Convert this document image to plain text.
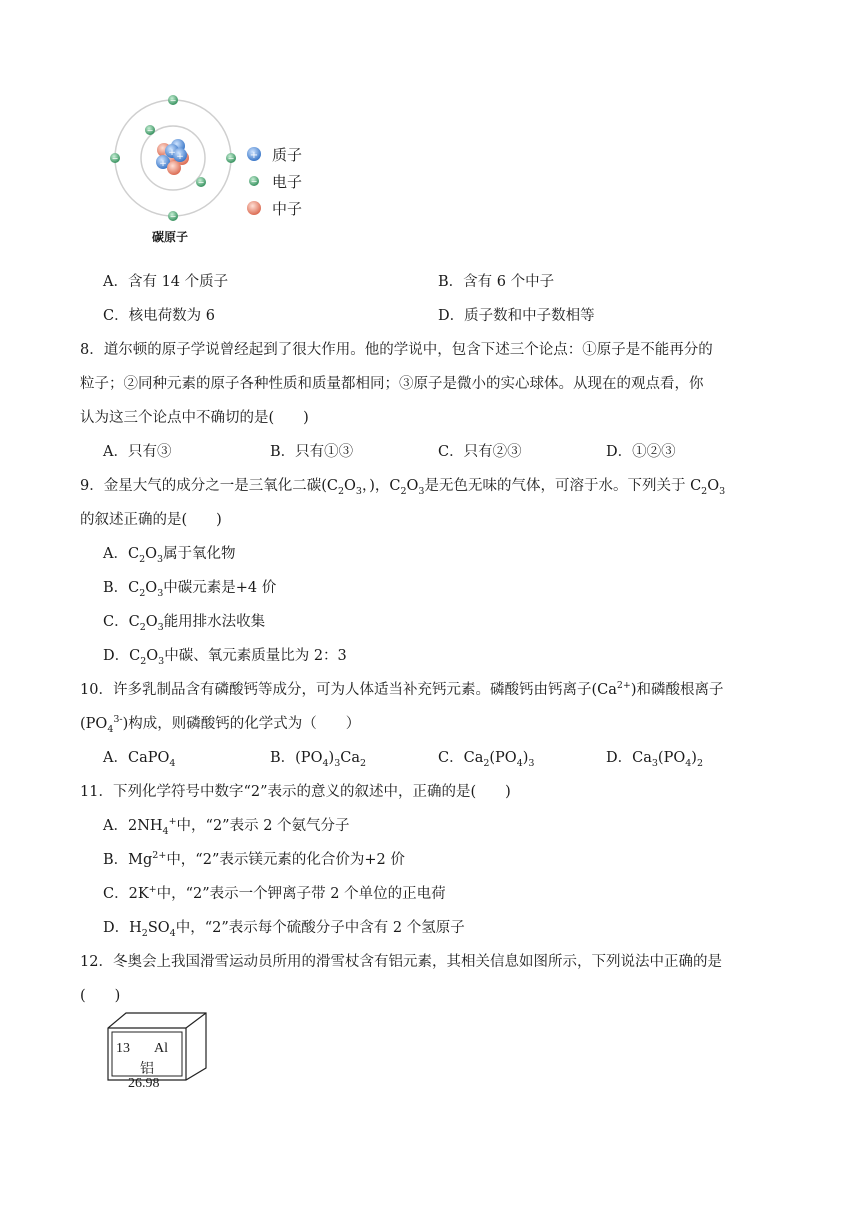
+
+
+
−
−
−	−
−
−
+
−
质子
电子
中子
碳原子
A．含有 14 个质子	B．含有 6 个中子
C．核电荷数为 6	D．质子数和中子数相等
8．道尔顿的原子学说曾经起到了很大作用。他的学说中，包含下述三个论点：①原子是不能再分的
粒子；②同种元素的原子各种性质和质量都相同；③原子是微小的实心球体。从现在的观点看，你
认为这三个论点中不确切的是(　　)
A．只有③	B．只有①③	C．只有②③	D．①②③
9．金星大气的成分之一是三氧化二碳($C_2O_3$，)，$C_2O_3$是无色无味的气体，可溶于水。下列关于 $C_2O_3$
的叙述正确的是(　　)
A．$C_2O_3$属于氧化物
B．$C_2O_3$中碳元素是+4 价
C．$C_2O_3$能用排水法收集
D．$C_2O_3$中碳、氧元素质量比为 2：3
10．许多乳制品含有磷酸钙等成分，可为人体适当补充钙元素。磷酸钙由钙离子$(Ca^{2+})$和磷酸根离子
$(PO_4^{3-})$构成，则磷酸钙的化学式为（　　）
A．CaPO$_4$	B．$(PO_4)_3Ca_2$	C．$Ca_2(PO_4)_3$	D．$Ca_3(PO_4)_2$
11．下列化学符号中数字“2”表示的意义的叙述中，正确的是(　　)
A．$2NH_4^+$中，“2”表示 2 个氨气分子
B．$Mg^{2+}$中，“2”表示镁元素的化合价为+2 价
C．2K+中，“2”表示一个钾离子带 2 个单位的正电荷
D．$H_2SO_4$中，“2”表示每个硫酸分子中含有 2 个氢原子
12．冬奥会上我国滑雪运动员所用的滑雪杖含有铝元素，其相关信息如图所示，下列说法中正确的是
(　　)
13 Al
铝
26.98
